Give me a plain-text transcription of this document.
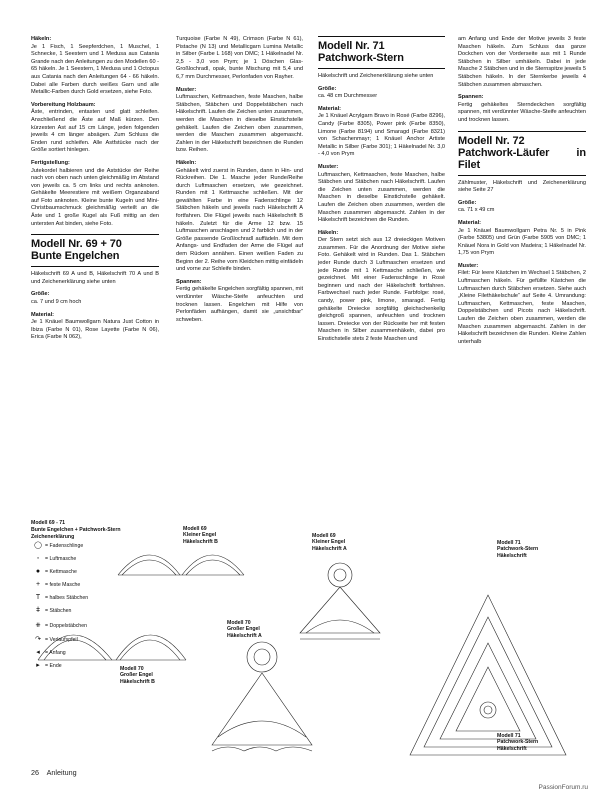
Häkeln:
Je 1 Fisch, 1 Seepferdchen, 1 Muschel, 1 Schnecke, 1 Seestern und 1 Medusa aus Catania Grande nach den Anleitungen zu den Modellen 60 - 65 häkeln. Je 1 Seestern, 1 Medusa und 1 Octopus aus Catania nach den Anleitungen 64 - 66 häkeln. Dabei alle Farben durch weißes Garn und alle Metallic-Farben durch Gold ersetzen, siehe Foto.

Vorbereitung Holzbaum:
Äste, entrinden, entasten und glatt schleifen. Anschließend die Äste auf Maß kürzen. Den kürzesten Ast auf 15 cm Länge, jeden folgenden jeweils 4 cm länger absägen. Zum Schluss die Enden rund schleifen. Alle Astfstücke nach der Größe sortiert hinlegen.

Fertigstellung:
Jutekordel halbieren und die Aststücke der Reihe nach von oben nach unten gleichmäßig im Abstand von jeweils ca. 5 cm links und rechts anknoten. Gehäkelte Meerestiere mit weißem Organzaband auf Foto anknoten. Kleine bunte Kugeln und Mini-Christbaumschmuck gleichmäßig verteilt an die Äste und 1 große Kugel als Fuß mittig an den untersten Ast binden, siehe Foto.

Modell Nr. 69 + 70
Bunte Engelchen

Häkelschrift 69 A und B, Häkelschrift 70 A und B und Zeichenerklärung siehe unten

Größe:
ca. 7 und 9 cm hoch

Material:
Je 1 Knäuel Baumwollgarn Natura Just Cotton in Ibiza (Farbe N 01), Rose Layette (Farbe N 06), Erica (Farbe N 062),

Turquoise (Farbe N 49), Crimson (Farbe N 61), Pistache (N 13) und Metallicgarn Lumina Metallic in Silber (Farbe L 168) von DMC; 1 Häkelnadel Nr. 2,5 - 3,0 von Prym; je 1 Döschen Glas-Großlochradl, opak, bunte Mischung mit 5,4 und 6,7 mm Durchmesser, Perlonfaden von Rayher.

Muster:
Luftmaschen, Kettmaschen, feste Maschen, halbe Stäbchen, Stäbchen und Doppelstäbchen nach Häkelschrift. Laufen die Zeichen unten zusammen, werden die Maschen in dieselbe Einstichstelle gehäkelt. Laufen die Zeichen oben zusammen, werden die Maschen zusammen abgemascht. Zahlen in der Häkelschrift bezeichnen die Runden bzw. Reihen.

Häkeln:
Gehäkelt wird zuerst in Runden, dann in Hin- und Rückreihen. Die 1. Masche jeder Runde/Reihe durch Luftmaschen ersetzen, wie gezeichnet. Runden mit 1 Kettmasche schließen. Mit der gewählten Farbe in eine Fadenschlinge 12 Stäbchen häkeln und jeweils nach Häkelschrift A fortfahren. Die Flügel jeweils nach Häkelschrift B häkeln. Zuletzt für die Arme 12 bzw. 15 Luftmaschen anschlagen und 2 farblich und in der Größe passende Großlochradl auffädeln. Mit dem Anfangs- und Endfaden der Arme die Flügel auf dem Rücken annähen. Einen weißen Faden zu Beginn der 2. Reihe vom Kleidchen mittig einfädeln und vorne zur Schleife binden.

Spannen:
Fertig gehäkelte Engelchen sorgfältig spannen, mit verdünnter Wäsche-Steife anfeuchten und trocknen lassen. Engelchen mit Hilfe von Perlonfäden aufhängen, damit sie „unsichtbar“ schweben.

Modell Nr. 71
Patchwork-Stern

Häkelschrift und Zeichenerklärung siehe unten

Größe:
ca. 48 cm Durchmesser

Material:
Je 1 Knäuel Acrylgarn Bravo in Rosé (Farbe 8296), Candy (Farbe 8305), Power pink (Farbe 8350), Limone (Farbe 8194) und Smaragd (Farbe 8321) von Schachenmayr; 1 Knäuel Anchor Artiste Metallic in Silber (Farbe 301); 1 Häkelnadel Nr. 3,0 - 4,0 von Prym

Muster:
Luftmaschen, Kettmaschen, feste Maschen, halbe Stäbchen und Stäbchen nach Häkelschrift. Laufen die Zeichen unten zusammen, werden die Maschen in dieselbe Einstichstelle gehäkelt. Laufen die Zeichen oben zusammen, werden die Maschen zusammen abgemascht. Zahlen in der Häkelschrift bezeichnen die Runden.

Häkeln:
Der Stern setzt sich aus 12 dreieckigen Motiven zusammen. Für die Anordnung der Motive siehe Foto. Gehäkelt wird in Runden. Das 1. Stäbchen jeder Runde durch 3 Luftmaschen ersetzen und jede Runde mit 1 Kettmasche schließen, wie gezeichnet. Mit einer Fadenschlinge in Rosé beginnen und nach der Häkelschrift fortfahren. Farbwechsel nach jeder Runde. Farbfolge: rosé, candy, power pink, limone, smaragd. Fertig gehäkelte Dreiecke sorgfältig gleichschenkelig gleichgroß spannen, anfeuchten und trocknen lassen. Dreiecke von der Rückseite her mit festen Maschen in Silber zusammenhäkeln, dabei pro Einstichstelle stets 2 feste Maschen und

am Anfang und Ende der Motive jeweils 3 feste Maschen häkeln. Zum Schluss das ganze Dockchen von der Vorderseite aus mit 1 Runde Stäbchen in Silber umhäkeln. Dabei in jede Masche 2 Stäbchen und in die Sternspitze jeweils 5 Stäbchen häkeln. In der Sternkerbe jeweils 4 Stäbchen zusammen abmaschen.

Spannen:
Fertig gehäkeltes Sterndeckchen sorgfältig spannen, mit verdünnter Wäsche-Steife anfeuchten und trocknen lassen.

Modell Nr. 72
Patchwork-Läufer in Filet

Zählmuster, Häkelschrift und Zeichenerklärung siehe Seite 27

Größe:
ca. 71 x 49 cm

Material:
Je 1 Knäuel Baumwollgarn Petra Nr. 5 in Pink (Farbe 53805) und Grün (Farbe 5905 von DMC; 1 Knäuel Nora in Gold von Madeira; 1 Häkelnadel Nr. 1,75 von Prym

Muster:
Filet: Für leere Kästchen im Wechsel 1 Stäbchen, 2 Luftmaschen häkeln. Für gefüllte Kästchen die Luftmaschen durch Stäbchen ersetzen. Siehe auch „Kleine Filethäkelschule“ auf Seite 4. Umrandung: Luftmaschen, Kettmaschen, feste Maschen, Doppelstäbchen und Picots nach Häkelschrift. Laufen die Zeichen oben zusammen, werden die Maschen zusammen abgemascht. Zahlen in der Häkelschrift bezeichnen die Runden. Kleine Zahlen unterhalb

Modell 69 - 71
Bunte Engelchen + Patchwork-Stern
Zeichenerklärung
◯ = Fadenschlinge
◦	= Luftmasche
● = Kettmasche
+ = feste Masche
T = halbes Stäbchen
ǂ = Stäbchen
⧺ = Doppelstäbchen
↷ = Verlaufspfeil
◂	= Anfang
▸	= Ende
Modell 69
Kleiner Engel
Häkelschrift B
Modell 69
Kleiner Engel
Häkelschrift A
Modell 70
Großer Engel
Häkelschrift A
Modell 70
Großer Engel
Häkelschrift B
Modell 71
Patchwork-Stern
Häkelschrift
Modell 71
Patchwork-Stern
Häkelschrift
26 Anleitung
PassionForum.ru
